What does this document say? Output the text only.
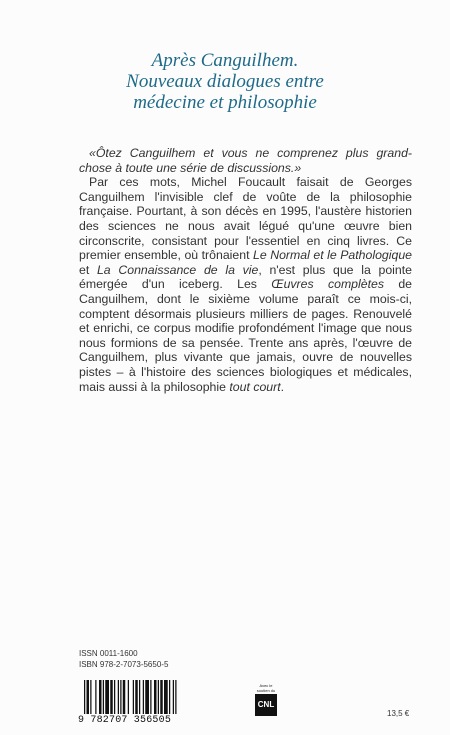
Après Canguilhem.
Nouveaux dialogues entre
médecine et philosophie

«Ôtez Canguilhem et vous ne comprenez plus grand-chose à toute une série de discussions.»

Par ces mots, Michel Foucault faisait de Georges Canguilhem l'invisible clef de voûte de la philosophie française. Pourtant, à son décès en 1995, l'austère historien des sciences ne nous avait légué qu'une œuvre bien circonscrite, consistant pour l'essentiel en cinq livres. Ce premier ensemble, où trônaient Le Normal et le Pathologique et La Connaissance de la vie, n'est plus que la pointe émergée d'un iceberg. Les Œuvres complètes de Canguilhem, dont le sixième volume paraît ce mois-ci, comptent désormais plusieurs milliers de pages. Renouvelé et enrichi, ce corpus modifie profondément l'image que nous nous formions de sa pensée. Trente ans après, l'œuvre de Canguilhem, plus vivante que jamais, ouvre de nouvelles pistes – à l'histoire des sciences biologiques et médicales, mais aussi à la philosophie tout court.

ISSN 0011-1600
ISBN 978-2-7073-5650-5
9 782707 356505
Avec le soutien du
CNL
13,5 €
